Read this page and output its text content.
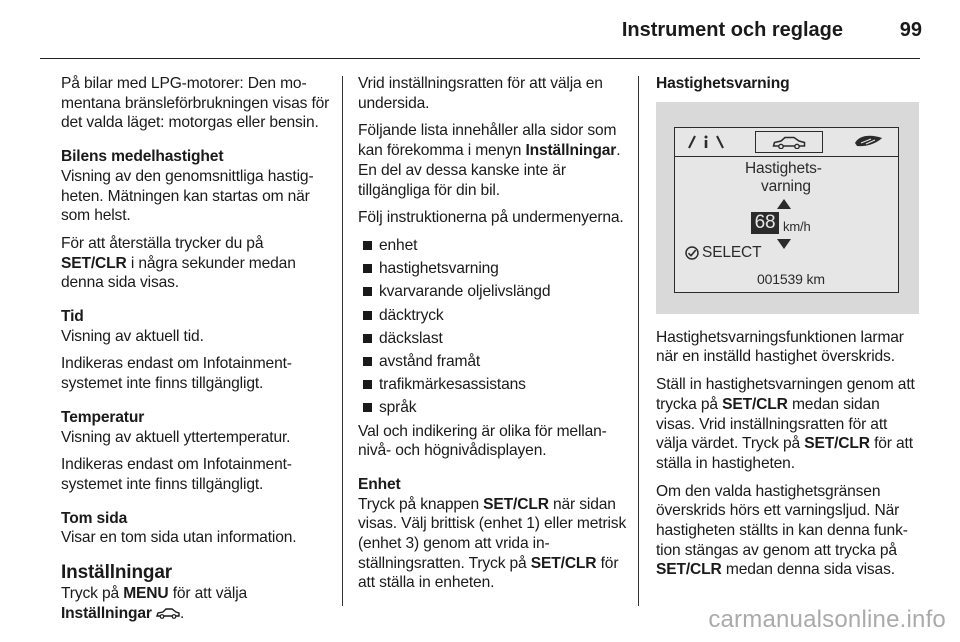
Instrument och reglage	99

På bilar med LPG-motorer: Den momentana bränsleförbrukningen visas för det valda läget: motorgas eller bensin.

Bilens medelhastighet

Visning av den genomsnittliga hastigheten. Mätningen kan startas om när som helst.

För att återställa trycker du på
SET/CLR i några sekunder medan denna sida visas.

Tid

Visning av aktuell tid.

Indikeras endast om Infotainment-systemet inte finns tillgängligt.

Temperatur

Visning av aktuell yttertemperatur.

Indikeras endast om Infotainment-systemet inte finns tillgängligt.

Tom sida

Visar en tom sida utan information.

Inställningar

Tryck på MENU för att välja
Inställningar .

Vrid inställningsratten för att välja en undersida.

Följande lista innehåller alla sidor som kan förekomma i menyn Inställningar. En del av dessa kanske inte är tillgängliga för din bil.

Följ instruktionerna på undermenyerna.

enhet
hastighetsvarning
kvarvarande oljelivslängd
däcktryck
däckslast
avstånd framåt
trafikmärkesassistans
språk

Val och indikering är olika för mellannivå- och högnivådisplayen.

Enhet

Tryck på knappen SET/CLR när sidan visas. Välj brittisk (enhet 1) eller metrisk (enhet 3) genom att vrida inställningsratten. Tryck på SET/CLR för att ställa in enheten.

Hastighetsvarning
Hastighets-
varning
68 km/h
SELECT
001539 km

Hastighetsvarningsfunktionen larmar när en inställd hastighet överskrids.

Ställ in hastighetsvarningen genom att trycka på SET/CLR medan sidan visas. Vrid inställningsratten för att välja värdet. Tryck på SET/CLR för att ställa in hastigheten.

Om den valda hastighetsgränsen överskrids hörs ett varningsljud. När hastigheten ställts in kan denna funktion stängas av genom att trycka på SET/CLR medan denna sida visas.

carmanualsonline.info
